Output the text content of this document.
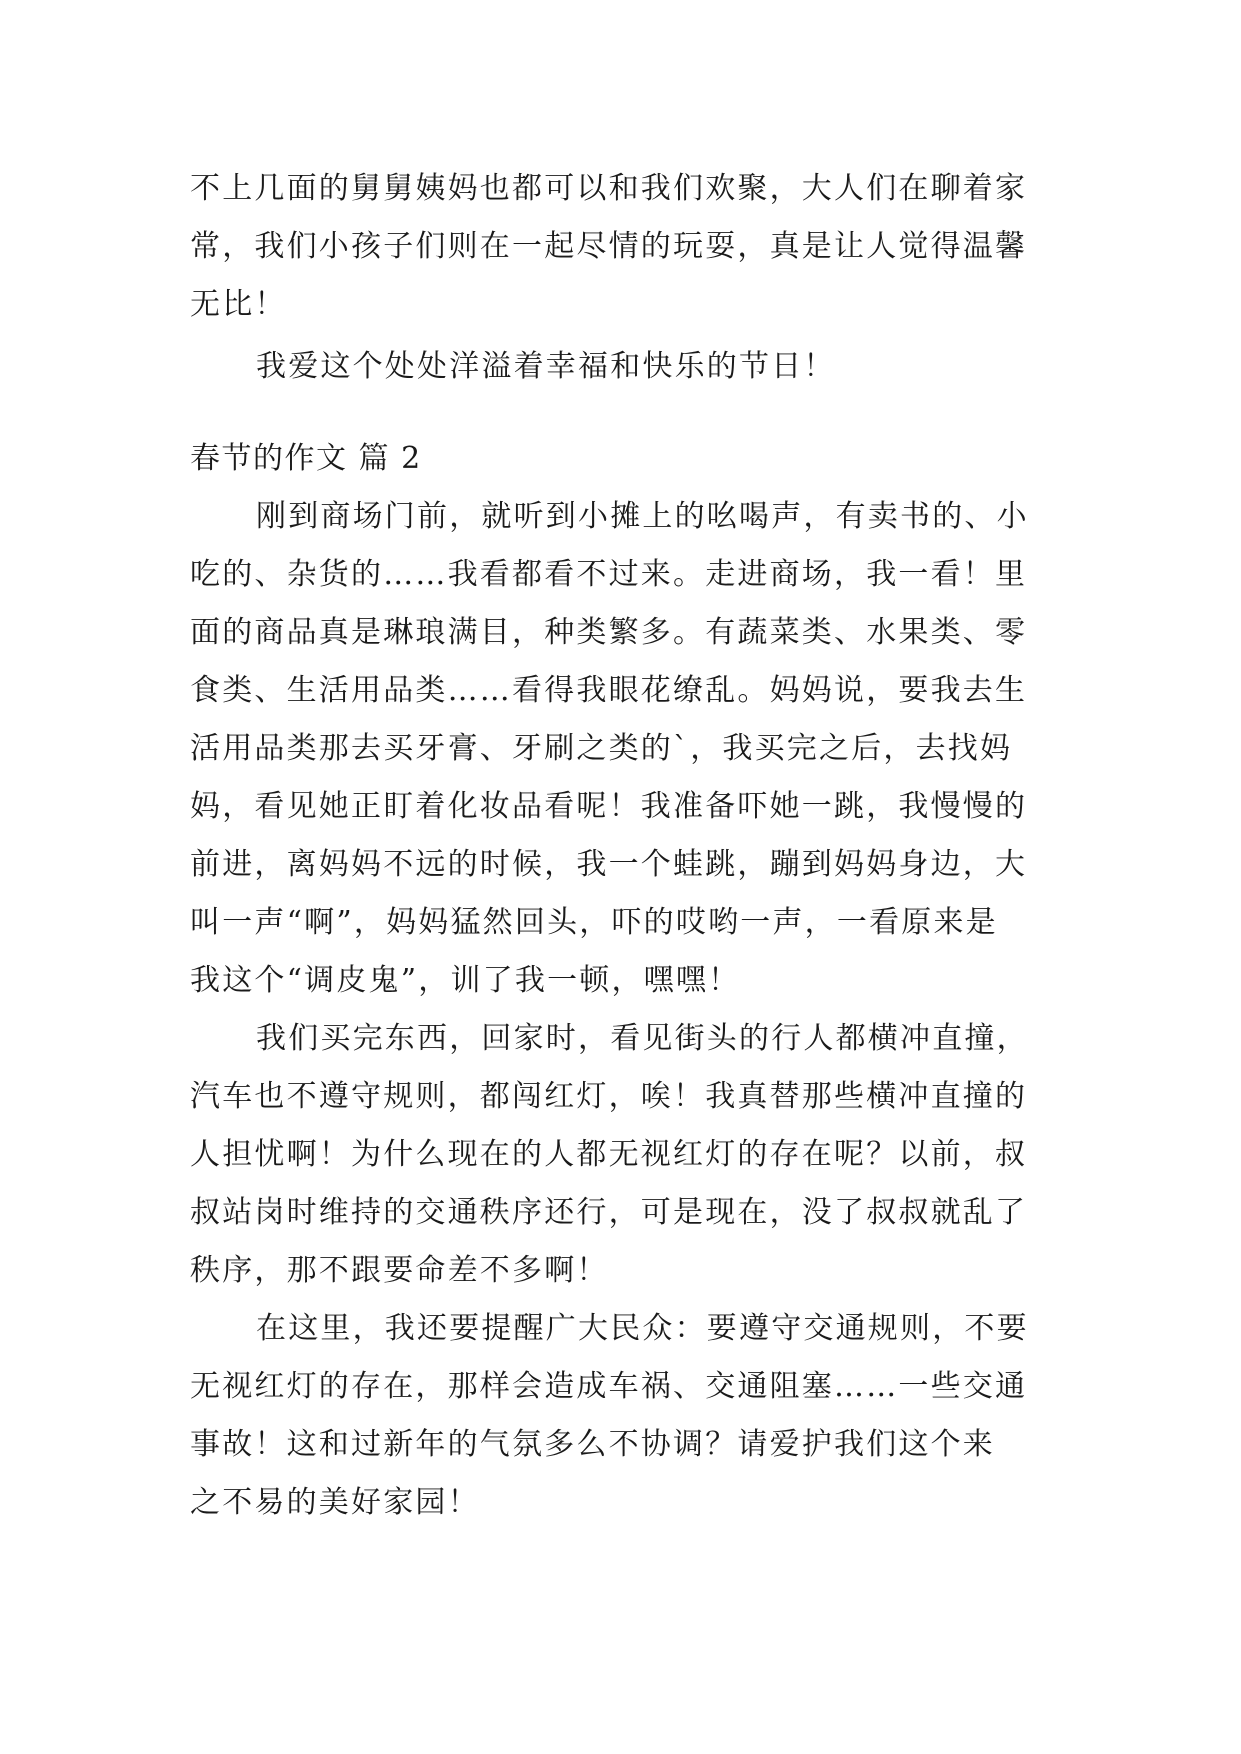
不上几面的舅舅姨妈也都可以和我们欢聚，大人们在聊着家
常，我们小孩子们则在一起尽情的玩耍，真是让人觉得温馨
无比！
我爱这个处处洋溢着幸福和快乐的节日！
春节的作文 篇 2
刚到商场门前，就听到小摊上的吆喝声，有卖书的、小
吃的、杂货的……我看都看不过来。走进商场，我一看！里
面的商品真是琳琅满目，种类繁多。有蔬菜类、水果类、零
食类、生活用品类……看得我眼花缭乱。妈妈说，要我去生
活用品类那去买牙膏、牙刷之类的`，我买完之后，去找妈
妈，看见她正盯着化妆品看呢！我准备吓她一跳，我慢慢的
前进，离妈妈不远的时候，我一个蛙跳，蹦到妈妈身边，大
叫一声“啊”，妈妈猛然回头，吓的哎哟一声，一看原来是
我这个“调皮鬼”，训了我一顿，嘿嘿！
我们买完东西，回家时，看见街头的行人都横冲直撞，
汽车也不遵守规则，都闯红灯，唉！我真替那些横冲直撞的
人担忧啊！为什么现在的人都无视红灯的存在呢？以前，叔
叔站岗时维持的交通秩序还行，可是现在，没了叔叔就乱了
秩序，那不跟要命差不多啊！
在这里，我还要提醒广大民众：要遵守交通规则，不要
无视红灯的存在，那样会造成车祸、交通阻塞……一些交通
事故！这和过新年的气氛多么不协调？请爱护我们这个来
之不易的美好家园！
